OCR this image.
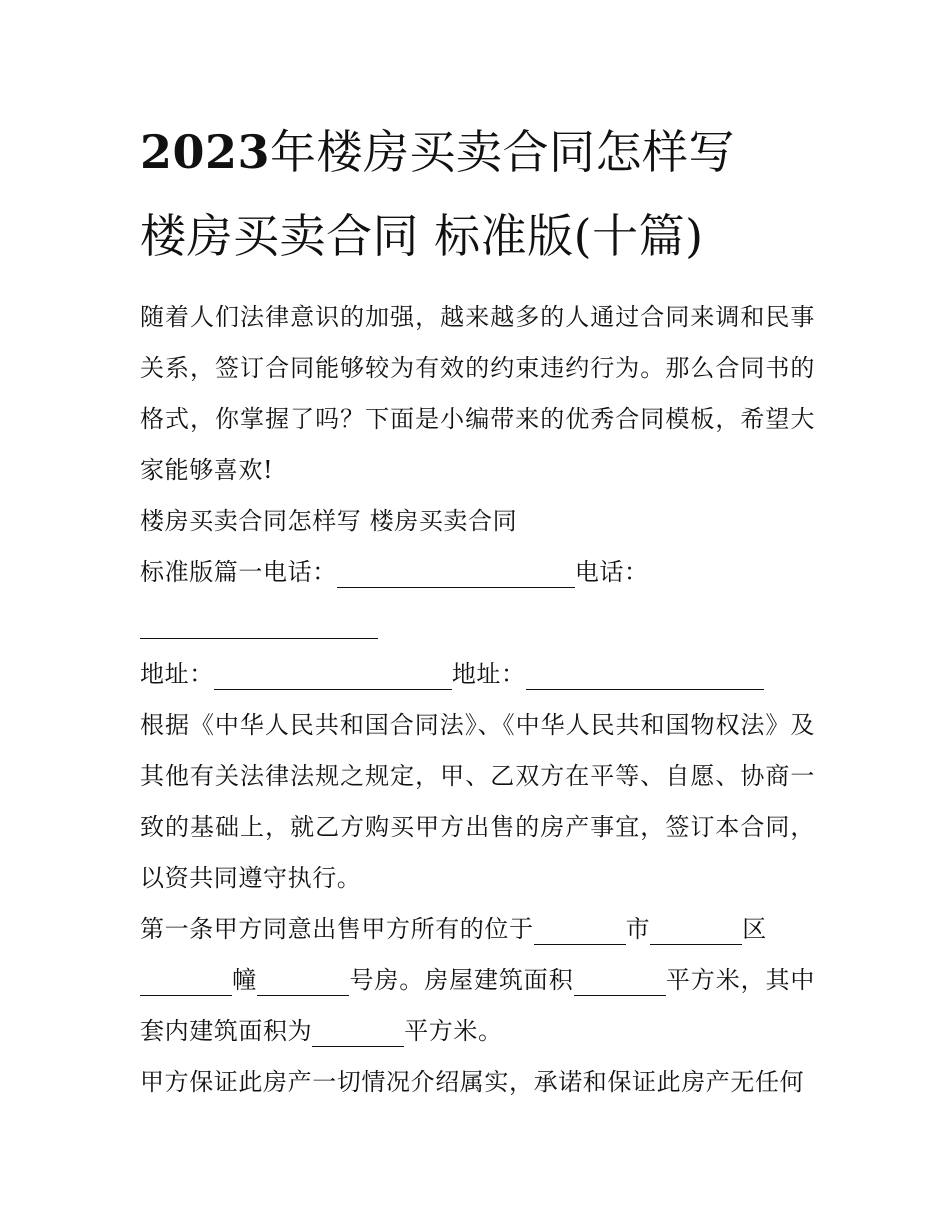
2023年楼房买卖合同怎样写
楼房买卖合同 标准版(十篇)

随着人们法律意识的加强，越来越多的人通过合同来调和民事关系，签订合同能够较为有效的约束违约行为。那么合同书的格式，你掌握了吗？下面是小编带来的优秀合同模板，希望大家能够喜欢!

楼房买卖合同怎样写 楼房买卖合同

标准版篇一电话：	电话：

地址：	地址：

根据《中华人民共和国合同法》、《中华人民共和国物权法》及其他有关法律法规之规定，甲、乙双方在平等、自愿、协商一致的基础上，就乙方购买甲方出售的房产事宜，签订本合同，以资共同遵守执行。

第一条甲方同意出售甲方所有的位于	市	区
幢	号房。房屋建筑面积	平方米，其中套内建筑面积为	平方米。

甲方保证此房产一切情况介绍属实，承诺和保证此房产无任何
